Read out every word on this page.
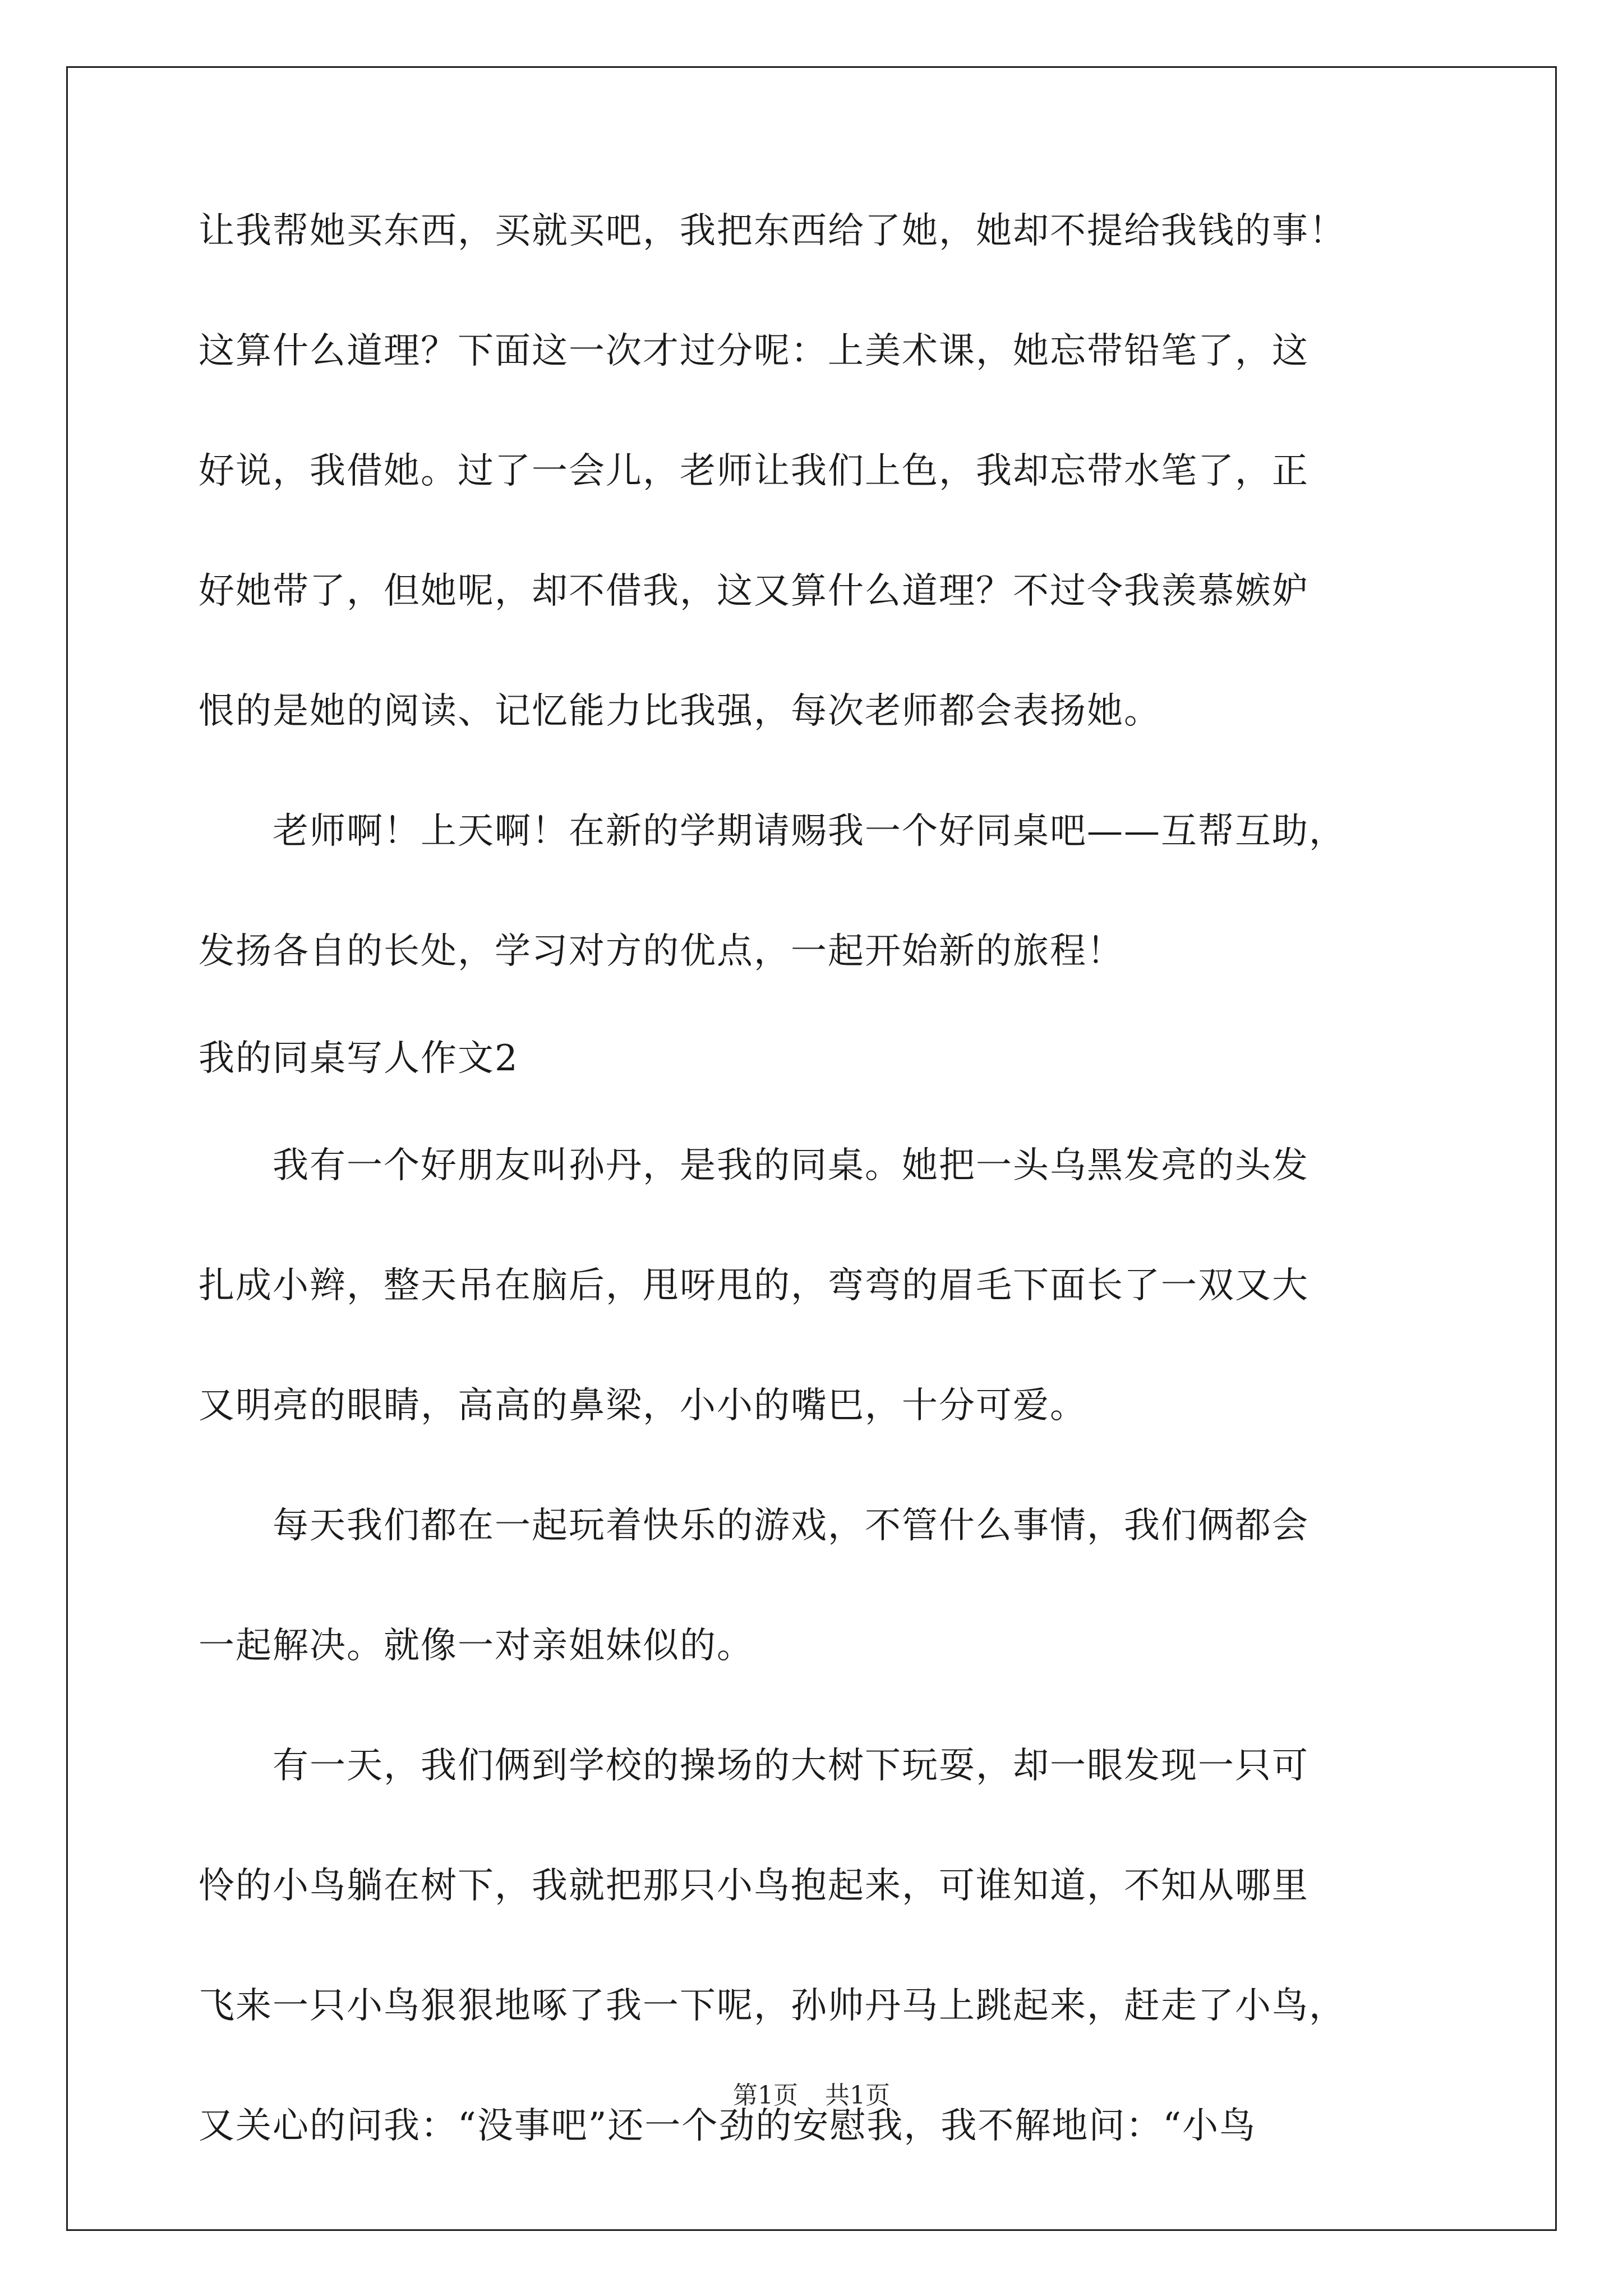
让我帮她买东西，买就买吧，我把东西给了她，她却不提给我钱的事！
这算什么道理？下面这一次才过分呢：上美术课，她忘带铅笔了，这
好说，我借她。过了一会儿，老师让我们上色，我却忘带水笔了，正
好她带了，但她呢，却不借我，这又算什么道理？不过令我羡慕嫉妒
恨的是她的阅读、记忆能力比我强，每次老师都会表扬她。
　　老师啊！上天啊！在新的学期请赐我一个好同桌吧——互帮互助，
发扬各自的长处，学习对方的优点，一起开始新的旅程！
我的同桌写人作文2
　　我有一个好朋友叫孙丹，是我的同桌。她把一头乌黑发亮的头发
扎成小辫，整天吊在脑后，甩呀甩的，弯弯的眉毛下面长了一双又大
又明亮的眼睛，高高的鼻梁，小小的嘴巴，十分可爱。
　　每天我们都在一起玩着快乐的游戏，不管什么事情，我们俩都会
一起解决。就像一对亲姐妹似的。
　　有一天，我们俩到学校的操场的大树下玩耍，却一眼发现一只可
怜的小鸟躺在树下，我就把那只小鸟抱起来，可谁知道，不知从哪里
飞来一只小鸟狠狠地啄了我一下呢，孙帅丹马上跳起来，赶走了小鸟，
又关心的问我：“没事吧”还一个劲的安慰我，我不解地问：“小鸟
第1页 共1页
